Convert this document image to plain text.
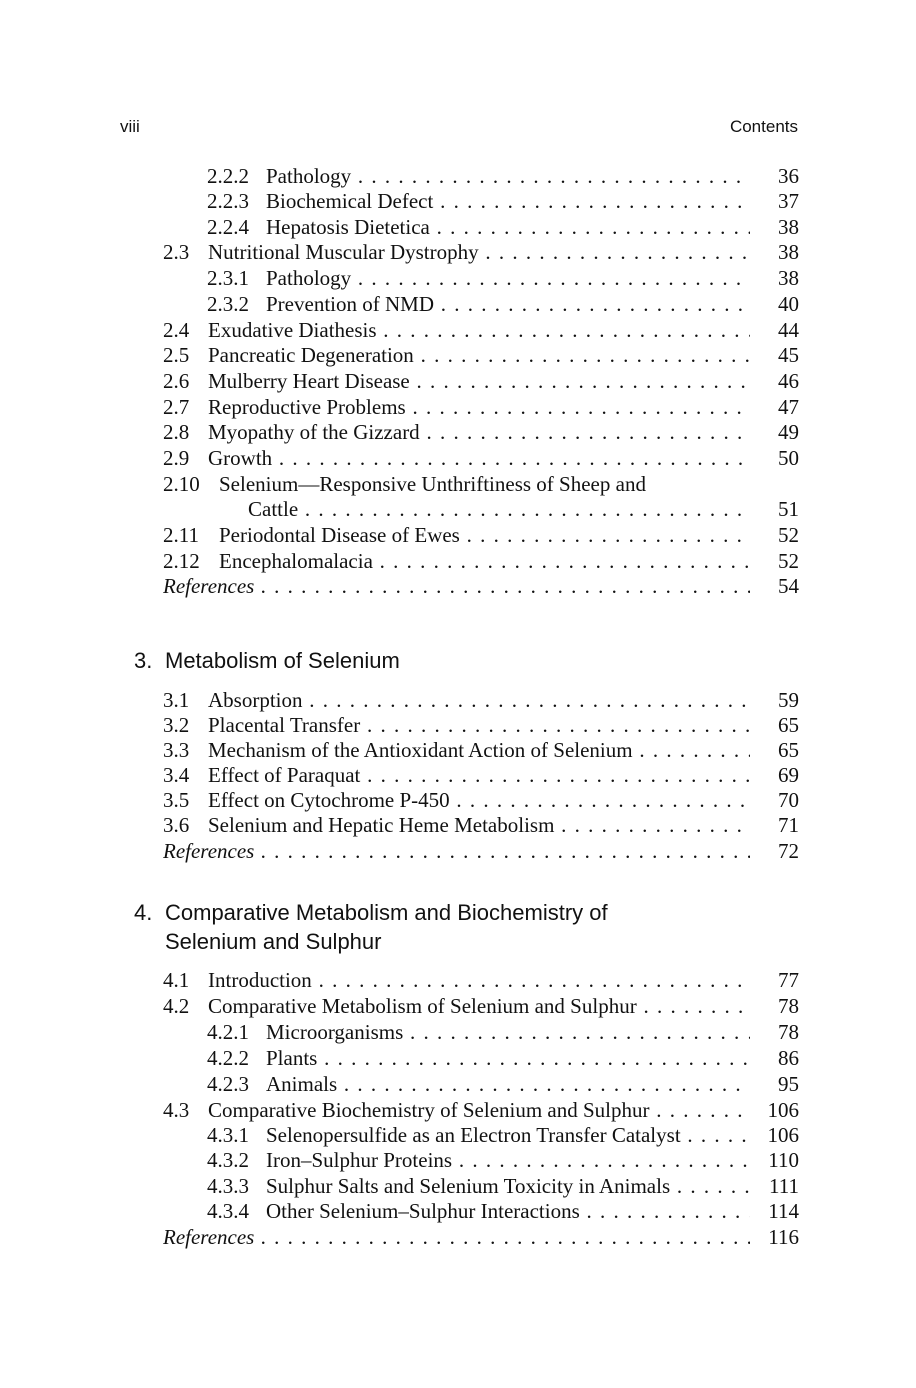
viii	Contents
2.2.2 Pathology . . .	36
2.2.3 Biochemical Defect . . .	37
2.2.4 Hepatosis Dietetica . . .	38
2.3 Nutritional Muscular Dystrophy . . .	38
2.3.1 Pathology . . .	38
2.3.2 Prevention of NMD . . .	40
2.4 Exudative Diathesis . . .	44
2.5 Pancreatic Degeneration . . .	45
2.6 Mulberry Heart Disease . . .	46
2.7 Reproductive Problems . . .	47
2.8 Myopathy of the Gizzard . . .	49
2.9 Growth . . .	50
2.10 Selenium—Responsive Unthriftiness of Sheep and
Cattle . . .	51
2.11 Periodontal Disease of Ewes . . .	52
2.12 Encephalomalacia . . .	52
References . . .	54
3. Metabolism of Selenium
3.1 Absorption . . .	59
3.2 Placental Transfer . . .	65
3.3 Mechanism of the Antioxidant Action of Selenium . . .	65
3.4 Effect of Paraquat . . .	69
3.5 Effect on Cytochrome P-450 . . .	70
3.6 Selenium and Hepatic Heme Metabolism . . .	71
References . . .	72
4. Comparative Metabolism and Biochemistry of
Selenium and Sulphur
4.1 Introduction . . .	77
4.2 Comparative Metabolism of Selenium and Sulphur . . .	78
4.2.1 Microorganisms . . .	78
4.2.2 Plants . . .	86
4.2.3 Animals . . .	95
4.3 Comparative Biochemistry of Selenium and Sulphur . . .	106
4.3.1 Selenopersulfide as an Electron Transfer Catalyst . . .	106
4.3.2 Iron–Sulphur Proteins . . .	110
4.3.3 Sulphur Salts and Selenium Toxicity in Animals . . .	111
4.3.4 Other Selenium–Sulphur Interactions . . .	114
References . . .	116
